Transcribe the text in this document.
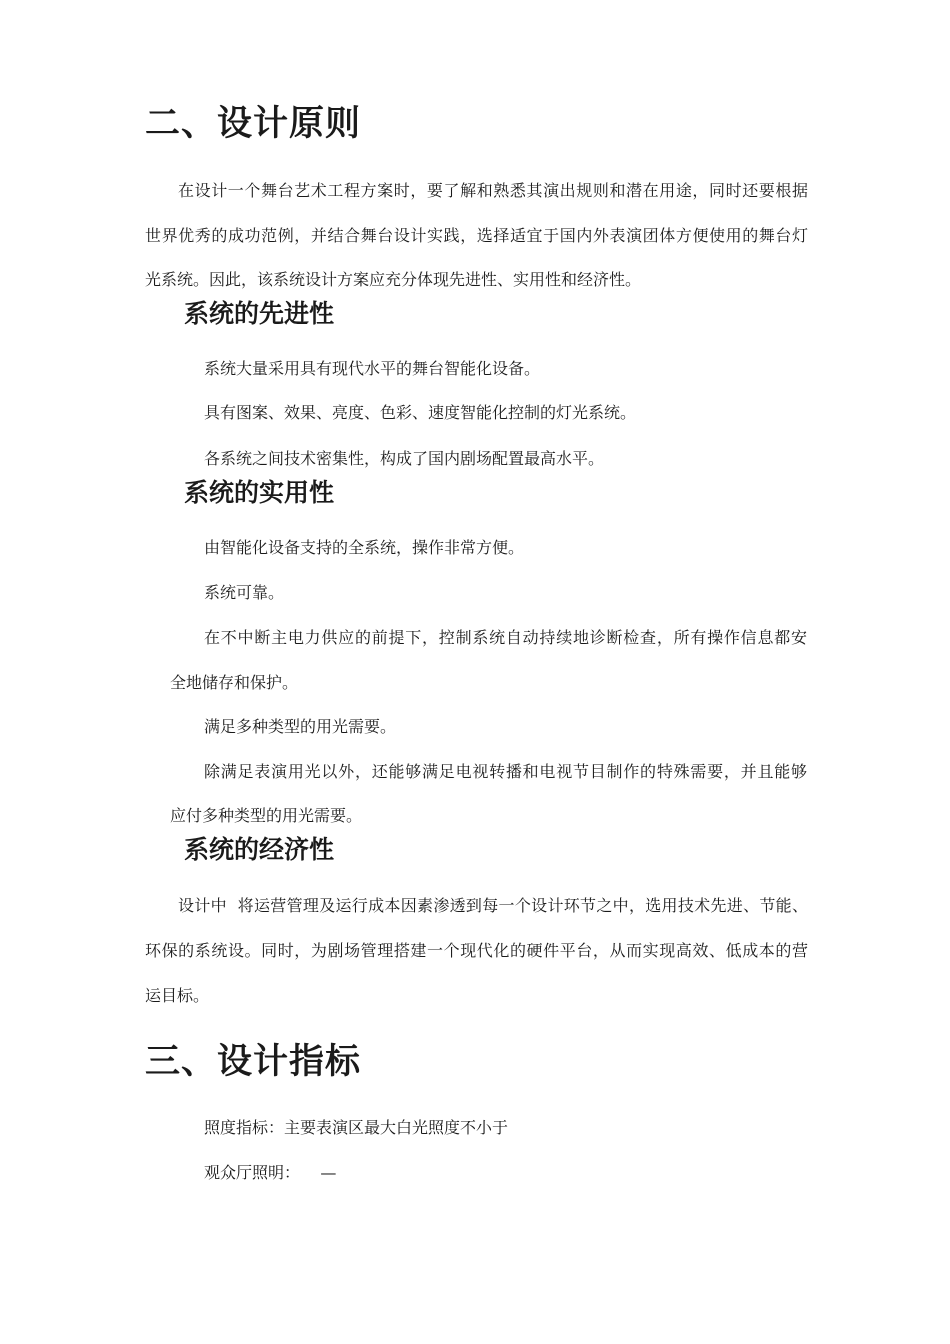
二、设计原则

在设计一个舞台艺术工程方案时，要了解和熟悉其演出规则和潜在用途，同时还要根据

世界优秀的成功范例，并结合舞台设计实践，选择适宜于国内外表演团体方便使用的舞台灯

光系统。因此，该系统设计方案应充分体现先进性、实用性和经济性。

系统的先进性

系统大量采用具有现代水平的舞台智能化设备。

具有图案、效果、亮度、色彩、速度智能化控制的灯光系统。

各系统之间技术密集性，构成了国内剧场配置最高水平。

系统的实用性

由智能化设备支持的全系统，操作非常方便。

系统可靠。

在不中断主电力供应的前提下，控制系统自动持续地诊断检查，所有操作信息都安

全地储存和保护。

满足多种类型的用光需要。

除满足表演用光以外，还能够满足电视转播和电视节目制作的特殊需要，并且能够

应付多种类型的用光需要。

系统的经济性

设计中  将运营管理及运行成本因素渗透到每一个设计环节之中，选用技术先进、节能、

环保的系统设。同时，为剧场管理搭建一个现代化的硬件平台，从而实现高效、低成本的营

运目标。

三、设计指标

照度指标：主要表演区最大白光照度不小于

观众厅照明：    —
